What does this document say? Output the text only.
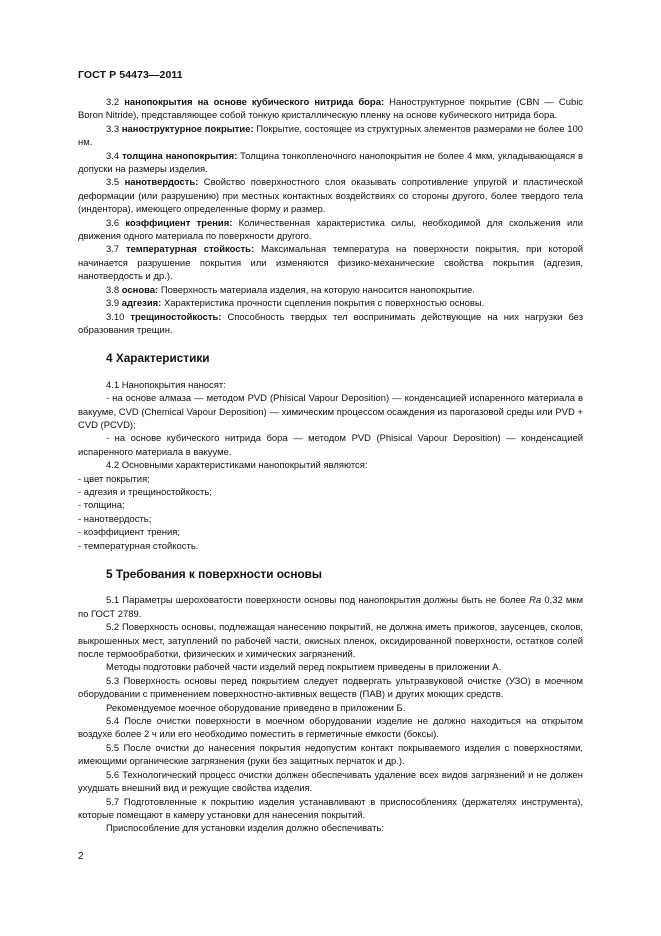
ГОСТ Р 54473—2011

3.2 нанопокрытия на основе кубического нитрида бора: Наноструктурное покрытие (CBN — Cubic Boron Nitride), представляющее собой тонкую кристаллическую пленку на основе кубического нитрида бора.

3.3 наноструктурное покрытие: Покрытие, состоящее из структурных элементов размерами не более 100 нм.

3.4 толщина нанопокрытия: Толщина тонкопленочного нанопокрытия не более 4 мкм, укладывающаяся в допуски на размеры изделия.

3.5 нанотвердость: Свойство поверхностного слоя оказывать сопротивление упругой и пластической деформации (или разрушению) при местных контактных воздействиях со стороны другого, более твердого тела (индентора), имеющего определенные форму и размер.

3.6 коэффициент трения: Количественная характеристика силы, необходимой для скольжения или движения одного материала по поверхности другого.

3.7 температурная стойкость: Максимальная температура на поверхности покрытия, при которой начинается разрушение покрытия или изменяются физико-механические свойства покрытия (адгезия, нанотвердость и др.).

3.8 основа: Поверхность материала изделия, на которую наносится нанопокрытие.

3.9 адгезия: Характеристика прочности сцепления покрытия с поверхностью основы.

3.10 трещиностойкость: Способность твердых тел воспринимать действующие на них нагрузки без образования трещин.

4 Характеристики

4.1 Нанопокрытия наносят:

- на основе алмаза — методом PVD (Phisical Vapour Deposition) — конденсацией испаренного материала в вакууме, CVD (Chemical Vapour Deposition) — химическим процессом осаждения из парогазовой среды или PVD + CVD (PCVD);

- на основе кубического нитрида бора — методом PVD (Phisical Vapour Deposition) — конденсацией испаренного материала в вакууме.

4.2 Основными характеристиками нанопокрытий являются:

- цвет покрытия;

- адгезия и трещиностойкость;

- толщина;

- нанотвердость;

- коэффициент трения;

- температурная стойкость.

5 Требования к поверхности основы

5.1 Параметры шероховатости поверхности основы под нанопокрытия должны быть не более Ra 0,32 мкм по ГОСТ 2789.

5.2 Поверхность основы, подлежащая нанесению покрытий, не должна иметь прижогов, заусенцев, сколов, выкрошенных мест, затуплений по рабочей части, окисных пленок, оксидированной поверхности, остатков солей после термообработки, физических и химических загрязнений.

Методы подготовки рабочей части изделий перед покрытием приведены в приложении А.

5.3 Поверхность основы перед покрытием следует подвергать ультразвуковой очистке (УЗО) в моечном оборудовании с применением поверхностно-активных веществ (ПАВ) и других моющих средств.

Рекомендуемое моечное оборудование приведено в приложении Б.

5.4 После очистки поверхности в моечном оборудовании изделие не должно находиться на открытом воздухе более 2 ч или его необходимо поместить в герметичные емкости (боксы).

5.5 После очистки до нанесения покрытия недопустим контакт покрываемого изделия с поверхностями, имеющими органические загрязнения (руки без защитных перчаток и др.).

5.6 Технологический процесс очистки должен обеспечивать удаление всех видов загрязнений и не должен ухудшать внешний вид и режущие свойства изделия.

5.7 Подготовленные к покрытию изделия устанавливают в приспособлениях (держателях инструмента), которые помещают в камеру установки для нанесения покрытий.

Приспособление для установки изделия должно обеспечивать:

2
